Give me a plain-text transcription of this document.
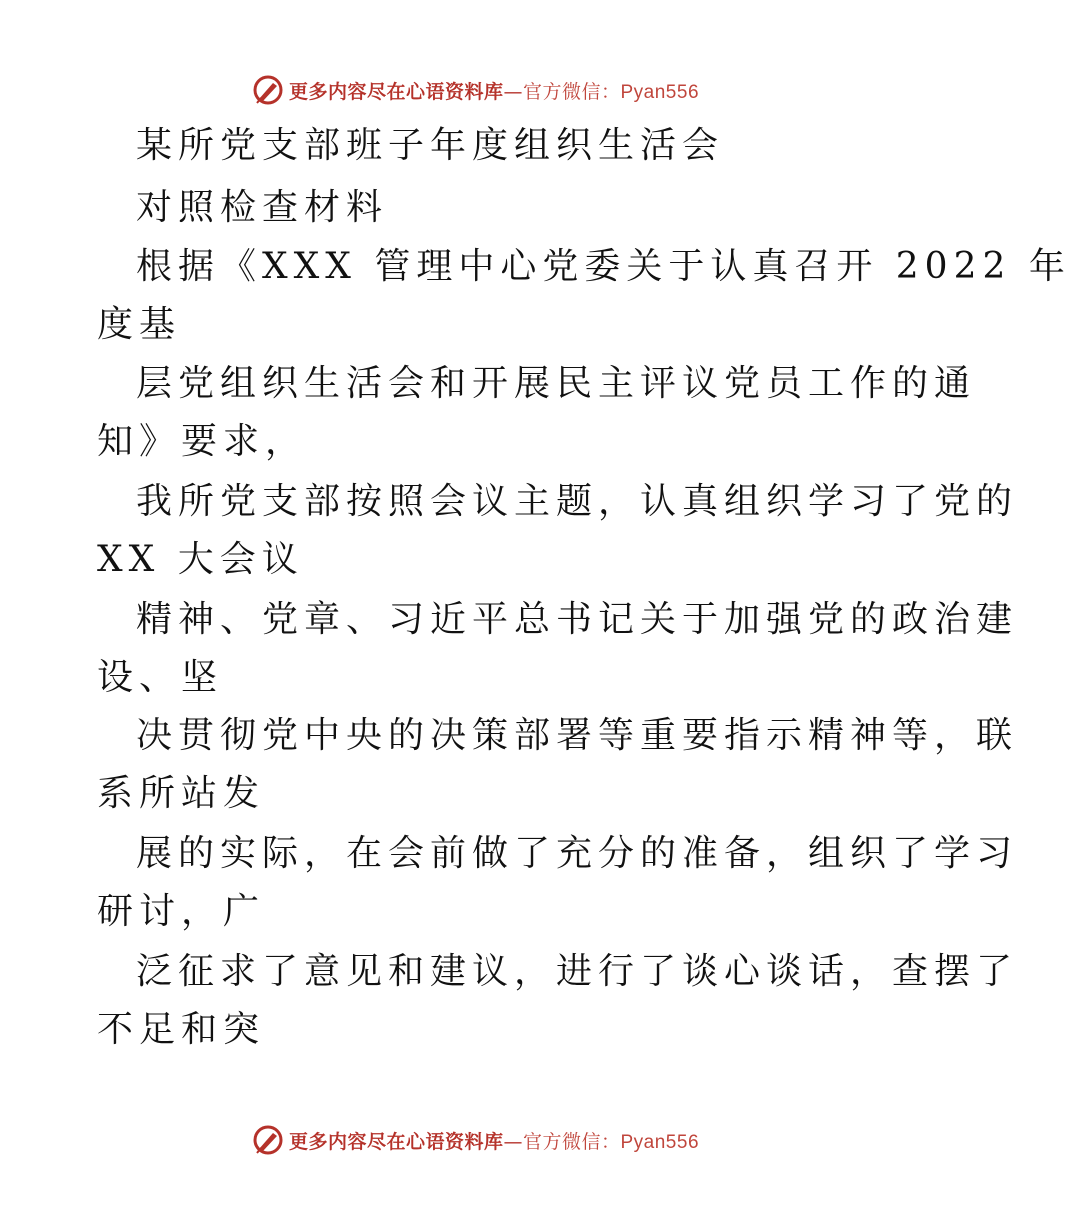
更多内容尽在心语资料库—官方微信：Pyan556
某所党支部班子年度组织生活会
对照检查材料
根据《XXX 管理中心党委关于认真召开 2022 年
度基
层党组织生活会和开展民主评议党员工作的通
知》要求，
我所党支部按照会议主题，认真组织学习了党的
XX 大会议
精神、党章、习近平总书记关于加强党的政治建
设、坚
决贯彻党中央的决策部署等重要指示精神等，联
系所站发
展的实际，在会前做了充分的准备，组织了学习
研讨，广
泛征求了意见和建议，进行了谈心谈话，查摆了
不足和突
更多内容尽在心语资料库—官方微信：Pyan556
